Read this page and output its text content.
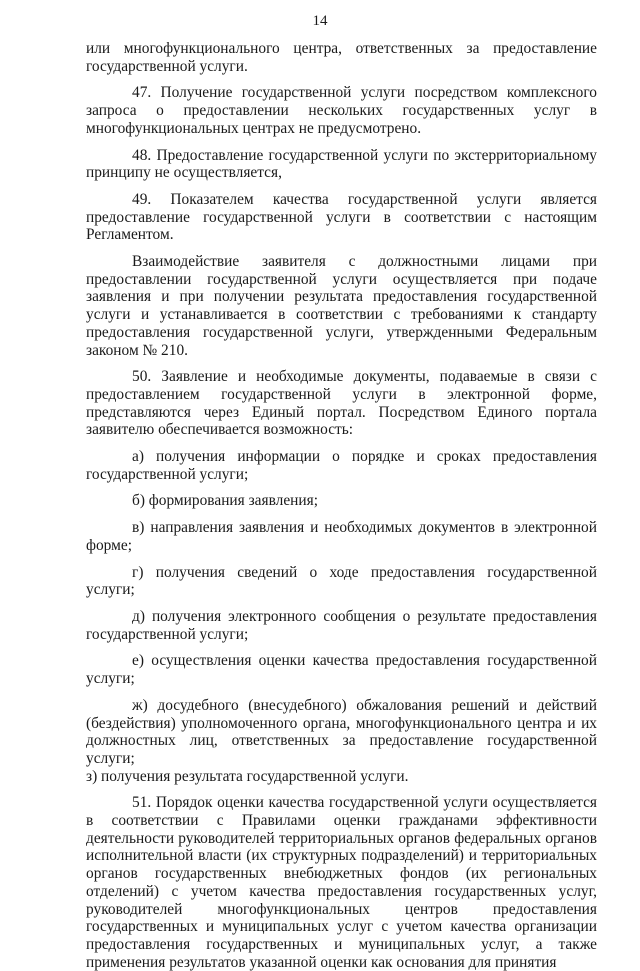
14

или многофункционального центра, ответственных за предоставление государственной услуги.

47. Получение государственной услуги посредством комплексного запроса о предоставлении нескольких государственных услуг в многофункциональных центрах не предусмотрено.

48. Предоставление государственной услуги по экстерриториальному принципу не осуществляется,

49. Показателем качества государственной услуги является предоставление государственной услуги в соответствии с настоящим Регламентом.

Взаимодействие заявителя с должностными лицами при предоставлении государственной услуги осуществляется при подаче заявления и при получении результата предоставления государственной услуги и устанавливается в соответствии с требованиями к стандарту предоставления государственной услуги, утвержденными Федеральным законом № 210.

50. Заявление и необходимые документы, подаваемые в связи с предоставлением государственной услуги в электронной форме, представляются через Единый портал. Посредством Единого портала заявителю обеспечивается возможность:

а) получения информации о порядке и сроках предоставления государственной услуги;

б) формирования заявления;

в) направления заявления и необходимых документов в электронной форме;

г) получения сведений о ходе предоставления государственной услуги;

д) получения электронного сообщения о результате предоставления государственной услуги;

е) осуществления оценки качества предоставления государственной услуги;

ж) досудебного (внесудебного) обжалования решений и действий (бездействия) уполномоченного органа, многофункционального центра и их должностных лиц, ответственных за предоставление государственной услуги;

з) получения результата государственной услуги.

51. Порядок оценки качества государственной услуги осуществляется в соответствии с Правилами оценки гражданами эффективности деятельности руководителей территориальных органов федеральных органов исполнительной власти (их структурных подразделений) и территориальных органов государственных внебюджетных фондов (их региональных отделений) с учетом качества предоставления государственных услуг, руководителей многофункциональных центров предоставления государственных и муниципальных услуг с учетом качества организации предоставления государственных и муниципальных услуг, а также применения результатов указанной оценки как основания для принятия
